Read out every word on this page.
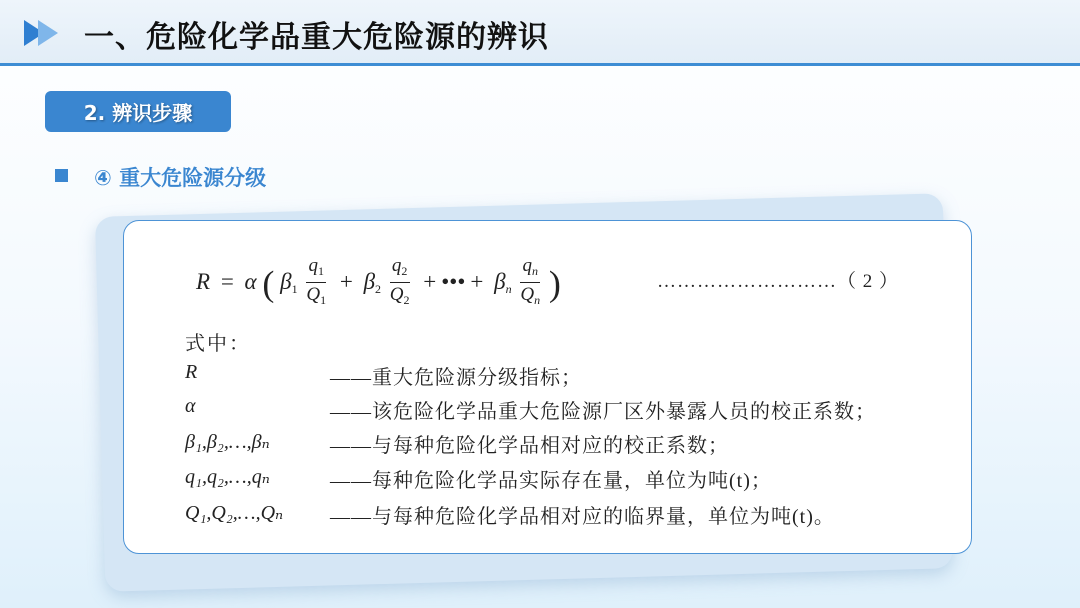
一、危险化学品重大危险源的辨识
2. 辨识步骤
④ 重大危险源分级
R = α ( $\beta_1 \frac{q_1}{Q_1} + \beta_2 \frac{q_2}{Q_2}$ + ••• + βn $\frac{q_n}{Q_n}$ )	………………………（ 2 ）
式中：
R	——重大危险源分级指标；
α	——该危险化学品重大危险源厂区外暴露人员的校正系数；
β₁,β₂,…,βₙ	——与每种危险化学品相对应的校正系数；
q₁,q₂,…,qₙ	——每种危险化学品实际存在量，单位为吨(t)；
Q₁,Q₂,…,Qₙ ——与每种危险化学品相对应的临界量，单位为吨(t)。
